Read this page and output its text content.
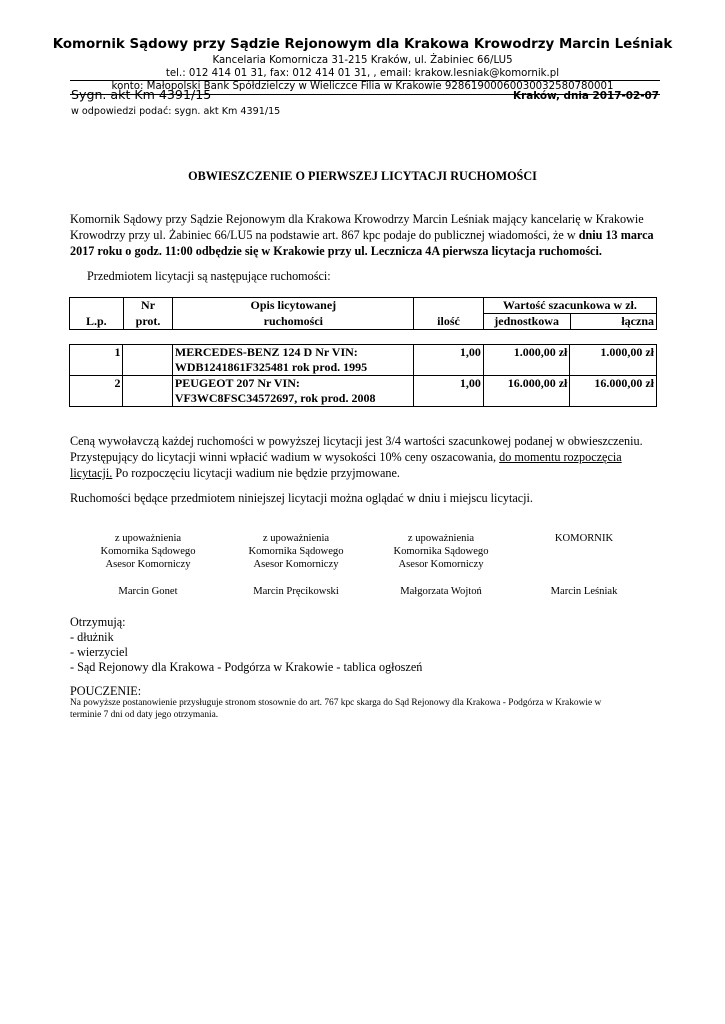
Komornik Sądowy przy Sądzie Rejonowym dla Krakowa Krowodrzy Marcin Leśniak
Kancelaria Komornicza 31-215 Kraków, ul. Żabiniec 66/LU5
tel.: 012 414 01 31, fax: 012 414 01 31, , email: krakow.lesniak@komornik.pl
konto: Małopolski Bank Spółdzielczy w Wieliczce Filia w Krakowie 92861900060030032580780001
Sygn. akt Km 4391/15	Kraków, dnia 2017-02-07
w odpowiedzi podać: sygn. akt Km 4391/15
OBWIESZCZENIE O PIERWSZEJ LICYTACJI RUCHOMOŚCI
Komornik Sądowy przy Sądzie Rejonowym dla Krakowa Krowodrzy Marcin Leśniak mający kancelarię w Krakowie
Krowodrzy przy ul. Żabiniec 66/LU5 na podstawie art. 867 kpc podaje do publicznej wiadomości, że w dniu 13 marca
2017 roku o godz. 11:00 odbędzie się w Krakowie przy ul. Lecznicza 4A pierwsza licytacja ruchomości.
Przedmiotem licytacji są następujące ruchomości:
	Nr	Opis licytowanej		Wartość szacunkowa w zł.	
L.p.	prot.	ruchomości	ilość	jednostkowa	łączna
1		MERCEDES-BENZ 124 D Nr VIN:	1,00	1.000,00 zł	1.000,00 zł
		WDB1241861F325481 rok prod. 1995			
2		PEUGEOT 207 Nr VIN:	1,00	16.000,00 zł	16.000,00 zł
		VF3WC8FSC34572697, rok prod. 2008			
Ceną wywołavczą każdej ruchomości w powyższej licytacji jest 3/4 wartości szacunkowej podanej w obwieszczeniu.
Przystępujący do licytacji winni wpłacić wadium w wysokości 10% ceny oszacowania, do momentu rozpoczęcia
licytacji. Po rozpoczęciu licytacji wadium nie będzie przyjmowane.
Ruchomości będące przedmiotem niniejszej licytacji można oglądać w dniu i miejscu licytacji.
z upoważnienia
Komornika Sądowego
Asesor Komorniczy
Marcin Gonet
z upoważnienia
Komornika Sądowego
Asesor Komorniczy
Marcin Pręcikowski
z upoważnienia
Komornika Sądowego
Asesor Komorniczy
Małgorzata Wojtoń
KOMORNIK
Marcin Leśniak
Otrzymują:
- dłużnik
- wierzyciel
- Sąd Rejonowy dla Krakowa - Podgórza w Krakowie - tablica ogłoszeń
POUCZENIE:
Na powyższe postanowienie przysługuje stronom stosownie do art. 767 kpc skarga do Sąd Rejonowy dla Krakowa - Podgórza w Krakowie w
terminie 7 dni od daty jego otrzymania.
